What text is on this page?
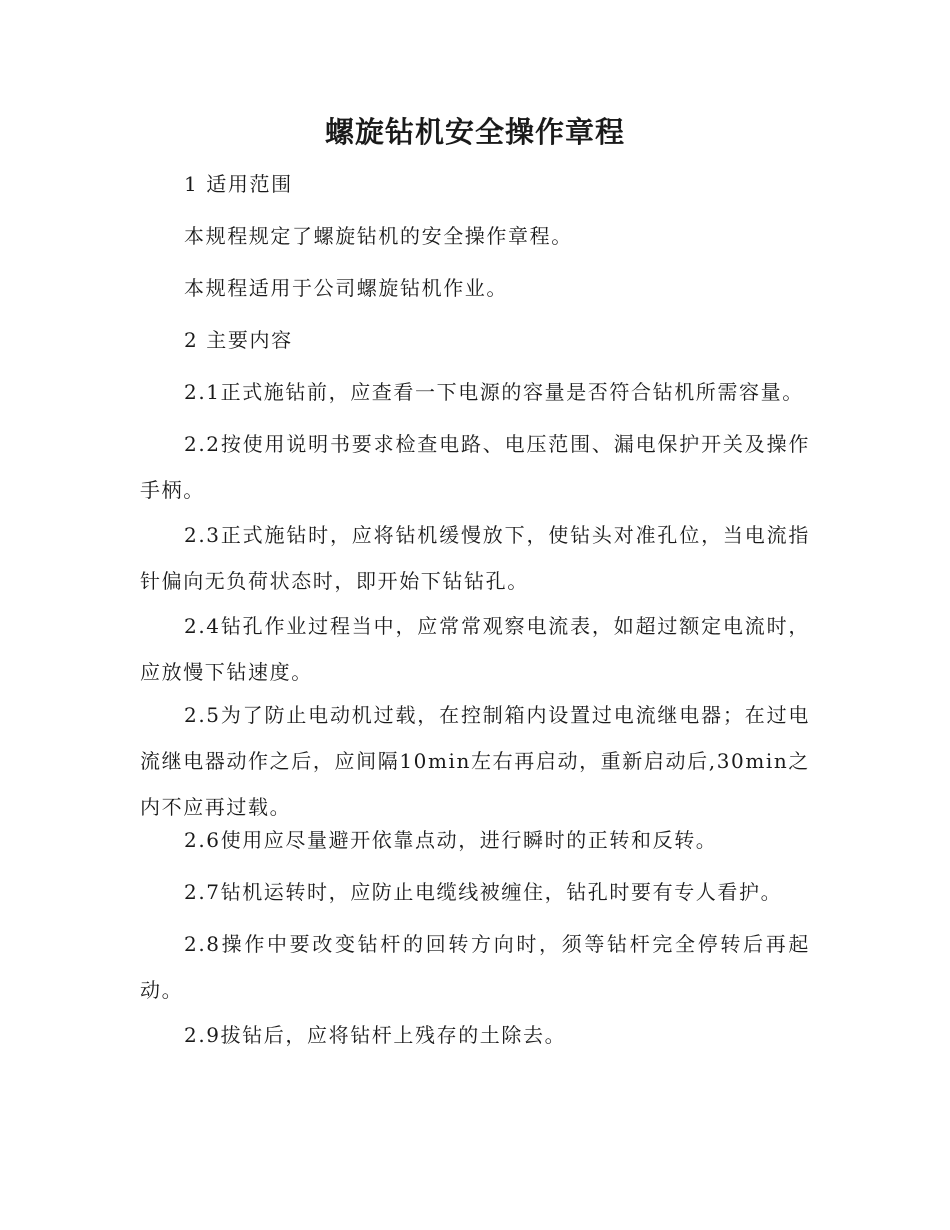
螺旋钻机安全操作章程

1 适用范围

本规程规定了螺旋钻机的安全操作章程。

本规程适用于公司螺旋钻机作业。

2 主要内容

2.1正式施钻前，应查看一下电源的容量是否符合钻机所需容量。

2.2按使用说明书要求检查电路、电压范围、漏电保护开关及操作手柄。

2.3正式施钻时，应将钻机缓慢放下，使钻头对准孔位，当电流指针偏向无负荷状态时，即开始下钻钻孔。

2.4钻孔作业过程当中，应常常观察电流表，如超过额定电流时，应放慢下钻速度。

2.5为了防止电动机过载，在控制箱内设置过电流继电器；在过电流继电器动作之后，应间隔10min左右再启动，重新启动后,30min之内不应再过载。

2.6使用应尽量避开依靠点动，进行瞬时的正转和反转。

2.7钻机运转时，应防止电缆线被缠住，钻孔时要有专人看护。

2.8操作中要改变钻杆的回转方向时，须等钻杆完全停转后再起动。

2.9拔钻后，应将钻杆上残存的土除去。
